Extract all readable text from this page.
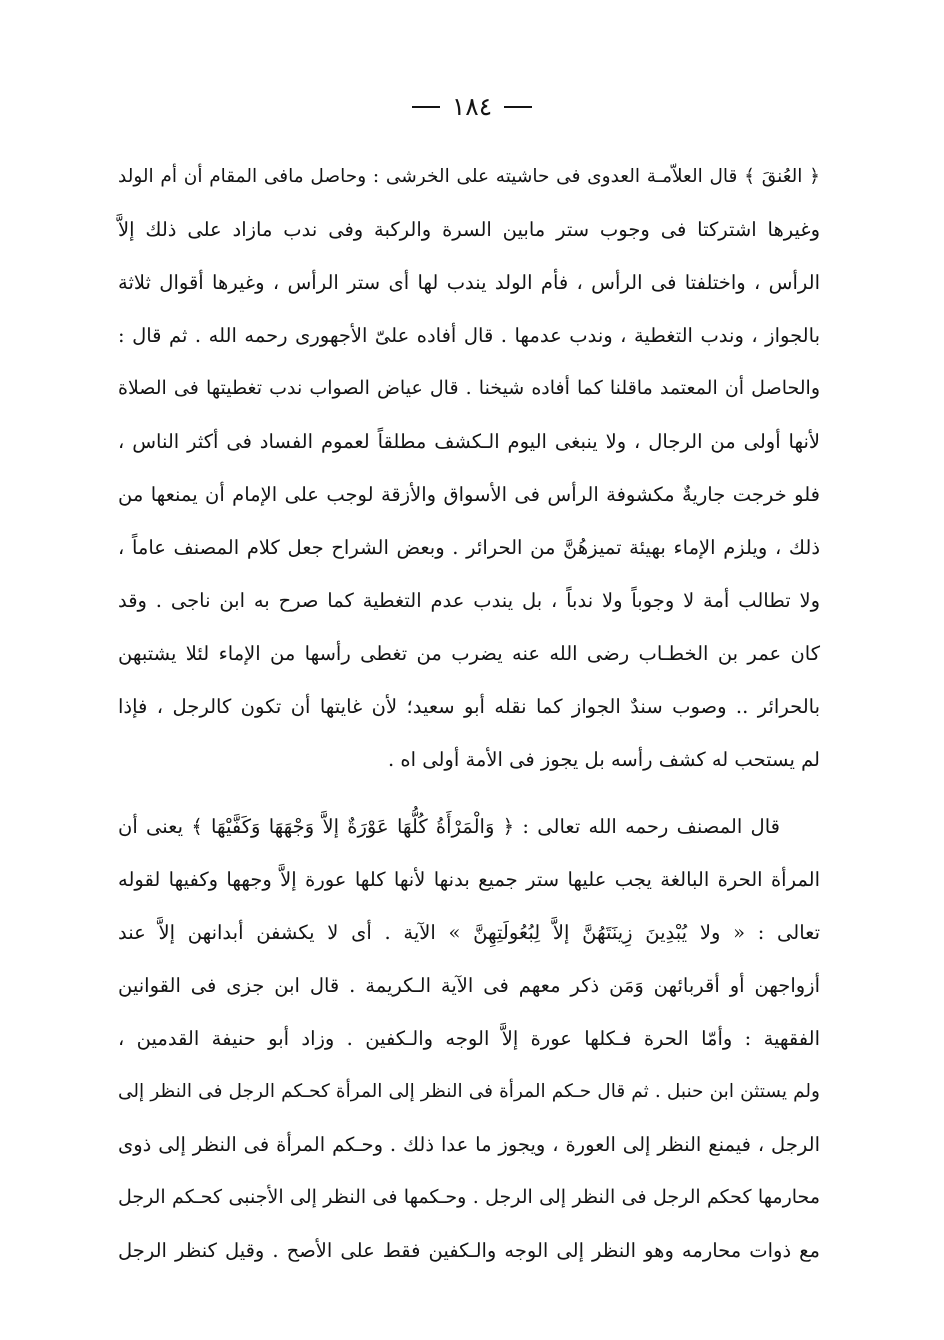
١٨٤
﴿ العُنقَ ﴾ قال العلاّمـة العدوى فى حاشيته على الخرشى : وحاصل مافى المقام أن أم الولد
وغيرها اشتركتا فى وجوب ستر مابين السرة والركبة وفى ندب مازاد على ذلك إلاَّ
الرأس ، واختلفتا فى الرأس ، فأم الولد يندب لها أى ستر الرأس ، وغيرها أقوال ثلاثة
بالجواز ، وندب التغطية ، وندب عدمها . قال أفاده علىّ الأجهورى رحمه الله . ثم قال :
والحاصل أن المعتمد ماقلنا كما أفاده شيخنا . قال عياض الصواب ندب تغطيتها فى الصلاة
لأنها أولى من الرجال ، ولا ينبغى اليوم الـكشف مطلقاً لعموم الفساد فى أكثر الناس ،
فلو خرجت جاريةٌ مكشوفة الرأس فى الأسواق والأزقة لوجب على الإمام أن يمنعها من
ذلك ، ويلزم الإماء بهيئة تميزهُنَّ من الحرائر . وبعض الشراح جعل كلام المصنف عاماً ،
ولا تطالب أمة لا وجوباً ولا ندباً ، بل يندب عدم التغطية كما صرح به ابن ناجى . وقد
كان عمر بن الخطـاب رضى الله عنه يضرب من تغطى رأسها من الإماء لئلا يشتبهن
بالحرائر .. وصوب سندٌ الجواز كما نقله أبو سعيد؛ لأن غايتها أن تكون كالرجل ، فإذا
لم يستحب له كشف رأسه بل يجوز فى الأمة أولى اه .
قال المصنف رحمه الله تعالى : ﴿ وَالْمَرْأَةُ كُلُّهَا عَوْرَةٌ إلاَّ وَجْهَهَا وَكَفَّيْهَا ﴾ يعنى أن
المرأة الحرة البالغة يجب عليها ستر جميع بدنها لأنها كلها عورة إلاَّ وجهها وكفيها لقوله
تعالى : « ولا يُبْدِينَ زِينَتَهُنَّ إلاَّ لِبُعُولَتِهِنَّ » الآية . أى لا يكشفن أبدانهن إلاَّ عند
أزواجهن أو أقربائهن وَمَن ذكر معهم فى الآية الـكريمة . قال ابن جزى فى القوانين
الفقهية : وأمّا الحرة فـكلها عورة إلاَّ الوجه والـكفين . وزاد أبو حنيفة القدمين ،
ولم يستثن ابن حنبل . ثم قال حـكم المرأة فى النظر إلى المرأة كحـكم الرجل فى النظر إلى
الرجل ، فيمنع النظر إلى العورة ، ويجوز ما عدا ذلك . وحـكم المرأة فى النظر إلى ذوى
محارمها كحكم الرجل فى النظر إلى الرجل . وحـكمها فى النظر إلى الأجنبى كحـكم الرجل
مع ذوات محارمه وهو النظر إلى الوجه والـكفين فقط على الأصح . وقيل كنظر الرجل
